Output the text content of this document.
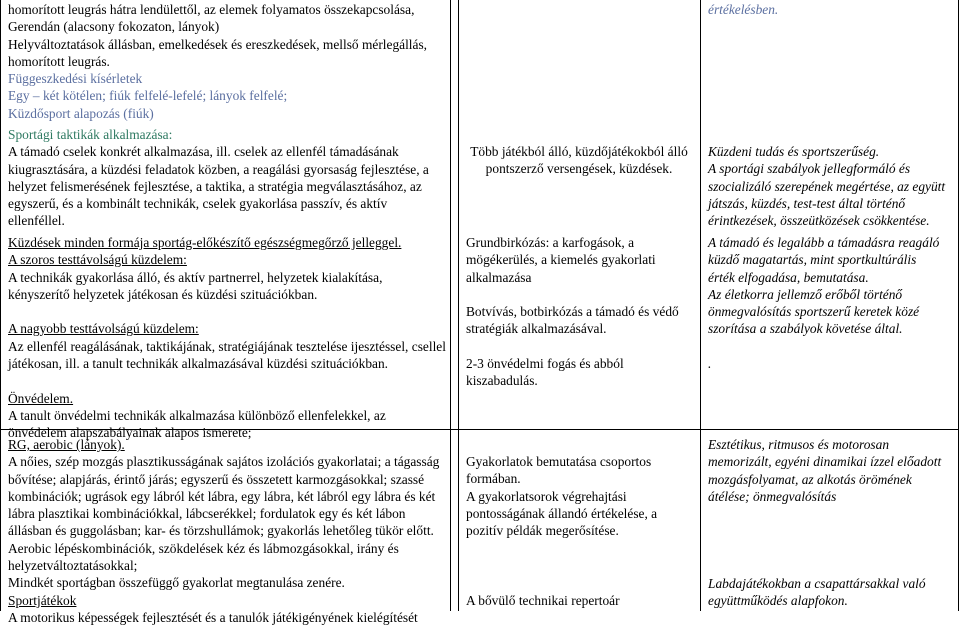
homorított leugrás hátra lendülettől, az elemek folyamatos összekapcsolása,

Gerendán (alacsony fokozaton, lányok)

Helyváltoztatások állásban, emelkedések és ereszkedések, mellső mérlegállás,

homorított leugrás.

Függeszkedési kísérletek

Egy – két kötélen; fiúk felfelé-lefelé; lányok felfelé;

Küzdősport alapozás (fiúk)

értékelésben.

Sportági taktikák alkalmazása:

A támadó cselek konkrét alkalmazása, ill. cselek az ellenfél támadásának

kiugrasztására, a küzdési feladatok közben, a reagálási gyorsaság fejlesztése, a

helyzet felismerésének fejlesztése, a taktika, a stratégia megválasztásához, az

egyszerű, és a kombinált technikák, cselek gyakorlása passzív, és aktív

ellenféllel.

Több játékból álló, küzdőjátékokból álló

pontszerző versengések, küzdések.

Küzdeni tudás és sportszerűség.

A sportági szabályok jellegformáló és

szocializáló szerepének megértése, az együtt

játszás, küzdés, test-test által történő

érintkezések, összeütközések csökkentése.

Küzdések minden formája sportág-előkészítő egészségmegőrző jelleggel.

A szoros testtávolságú küzdelem:

A technikák gyakorlása álló, és aktív partnerrel, helyzetek kialakítása,

kényszerítő helyzetek játékosan és küzdési szituációkban.

A nagyobb testtávolságú küzdelem:

Az ellenfél reagálásának, taktikájának, stratégiájának tesztelése ijesztéssel, csellel

játékosan, ill. a tanult technikák alkalmazásával küzdési szituációkban.

Önvédelem.

A tanult önvédelmi technikák alkalmazása különböző ellenfelekkel, az

önvédelem alapszabályainak alapos ismerete;

Grundbirkózás: a karfogások, a

mögékerülés, a kiemelés gyakorlati

alkalmazása

Botvívás, botbirkózás a támadó és védő

stratégiák alkalmazásával.

2-3 önvédelmi fogás és abból

kiszabadulás.

A támadó és legalább a támadásra reagáló

küzdő magatartás, mint sportkultúrális

érték elfogadása, bemutatása.

Az életkorra jellemző erőből történő

önmegvalósítás sportszerű keretek közé

szorítása a szabályok követése által.

.

RG, aerobic (lányok).

A nőies, szép mozgás plasztikusságának sajátos izolációs gyakorlatai; a tágasság

bővítése; alapjárás, érintő járás; egyszerű és összetett karmozgásokkal; szassé

kombinációk; ugrások egy lábról két lábra, egy lábra, két lábról egy lábra és két

lábra plasztikai kombinációkkal, lábcserékkel; fordulatok egy és két lábon

állásban és guggolásban; kar- és törzshullámok; gyakorlás lehetőleg tükör előtt.

Aerobic lépéskombinációk, szökdelések kéz és lábmozgásokkal, irány és

helyzetváltoztatásokkal;

Mindkét sportágban összefüggő gyakorlat megtanulása zenére.

Sportjátékok

A motorikus képességek fejlesztését és a tanulók játékigényének kielégítését

Gyakorlatok bemutatása csoportos

formában.

A gyakorlatsorok végrehajtási

pontosságának állandó értékelése, a

pozitív példák megerősítése.

Esztétikus, ritmusos és motorosan

memorizált, egyéni dinamikai ízzel előadott

mozgásfolyamat, az alkotás örömének

átélése; önmegvalósítás

A bővülő technikai repertoár

Labdajátékokban a csapattársakkal való

együttműködés alapfokon.
